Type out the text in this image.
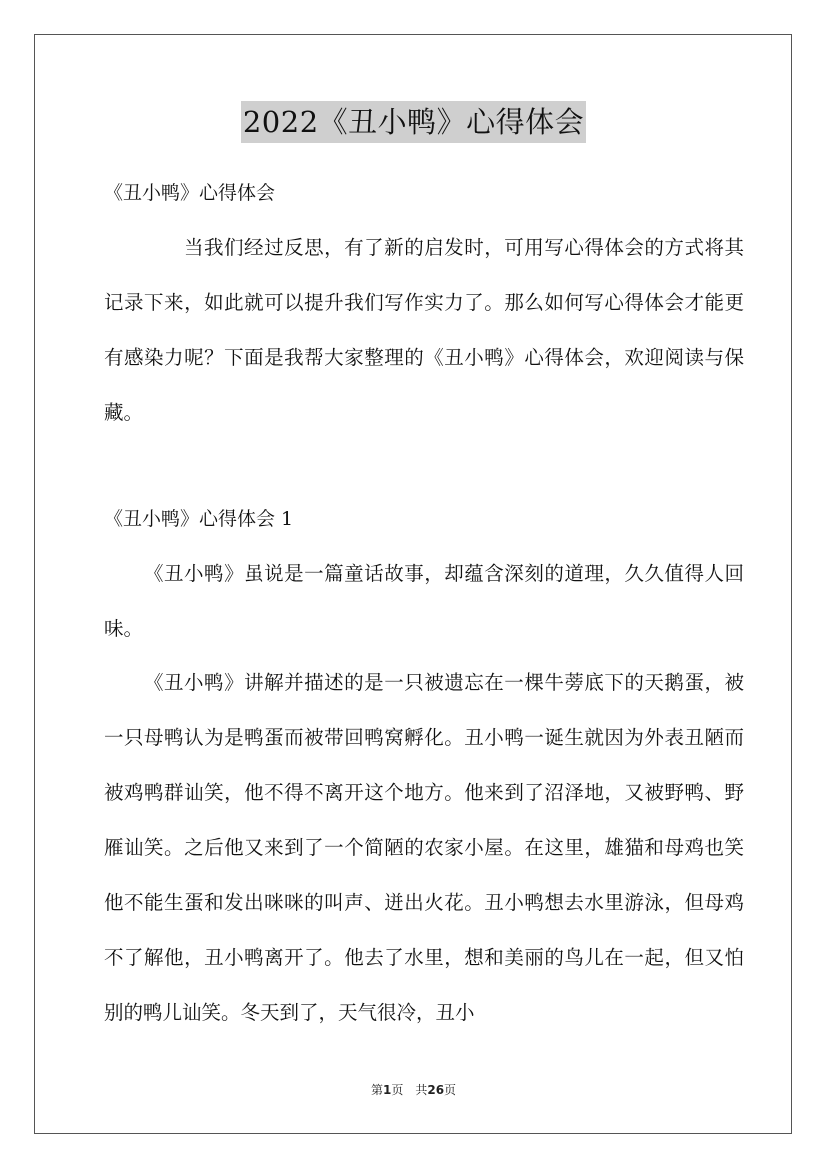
2022《丑小鸭》心得体会
《丑小鸭》心得体会
当我们经过反思，有了新的启发时，可用写心得体会的方式将其记录下来，如此就可以提升我们写作实力了。那么如何写心得体会才能更有感染力呢？下面是我帮大家整理的《丑小鸭》心得体会，欢迎阅读与保藏。
《丑小鸭》心得体会 1
《丑小鸭》虽说是一篇童话故事，却蕴含深刻的道理，久久值得人回味。
《丑小鸭》讲解并描述的是一只被遗忘在一棵牛蒡底下的天鹅蛋，被一只母鸭认为是鸭蛋而被带回鸭窝孵化。丑小鸭一诞生就因为外表丑陋而被鸡鸭群讪笑，他不得不离开这个地方。他来到了沼泽地，又被野鸭、野雁讪笑。之后他又来到了一个简陋的农家小屋。在这里，雄猫和母鸡也笑他不能生蛋和发出咪咪的叫声、迸出火花。丑小鸭想去水里游泳，但母鸡不了解他，丑小鸭离开了。他去了水里，想和美丽的鸟儿在一起，但又怕别的鸭儿讪笑。冬天到了，天气很冷，丑小
第1页 共26页
